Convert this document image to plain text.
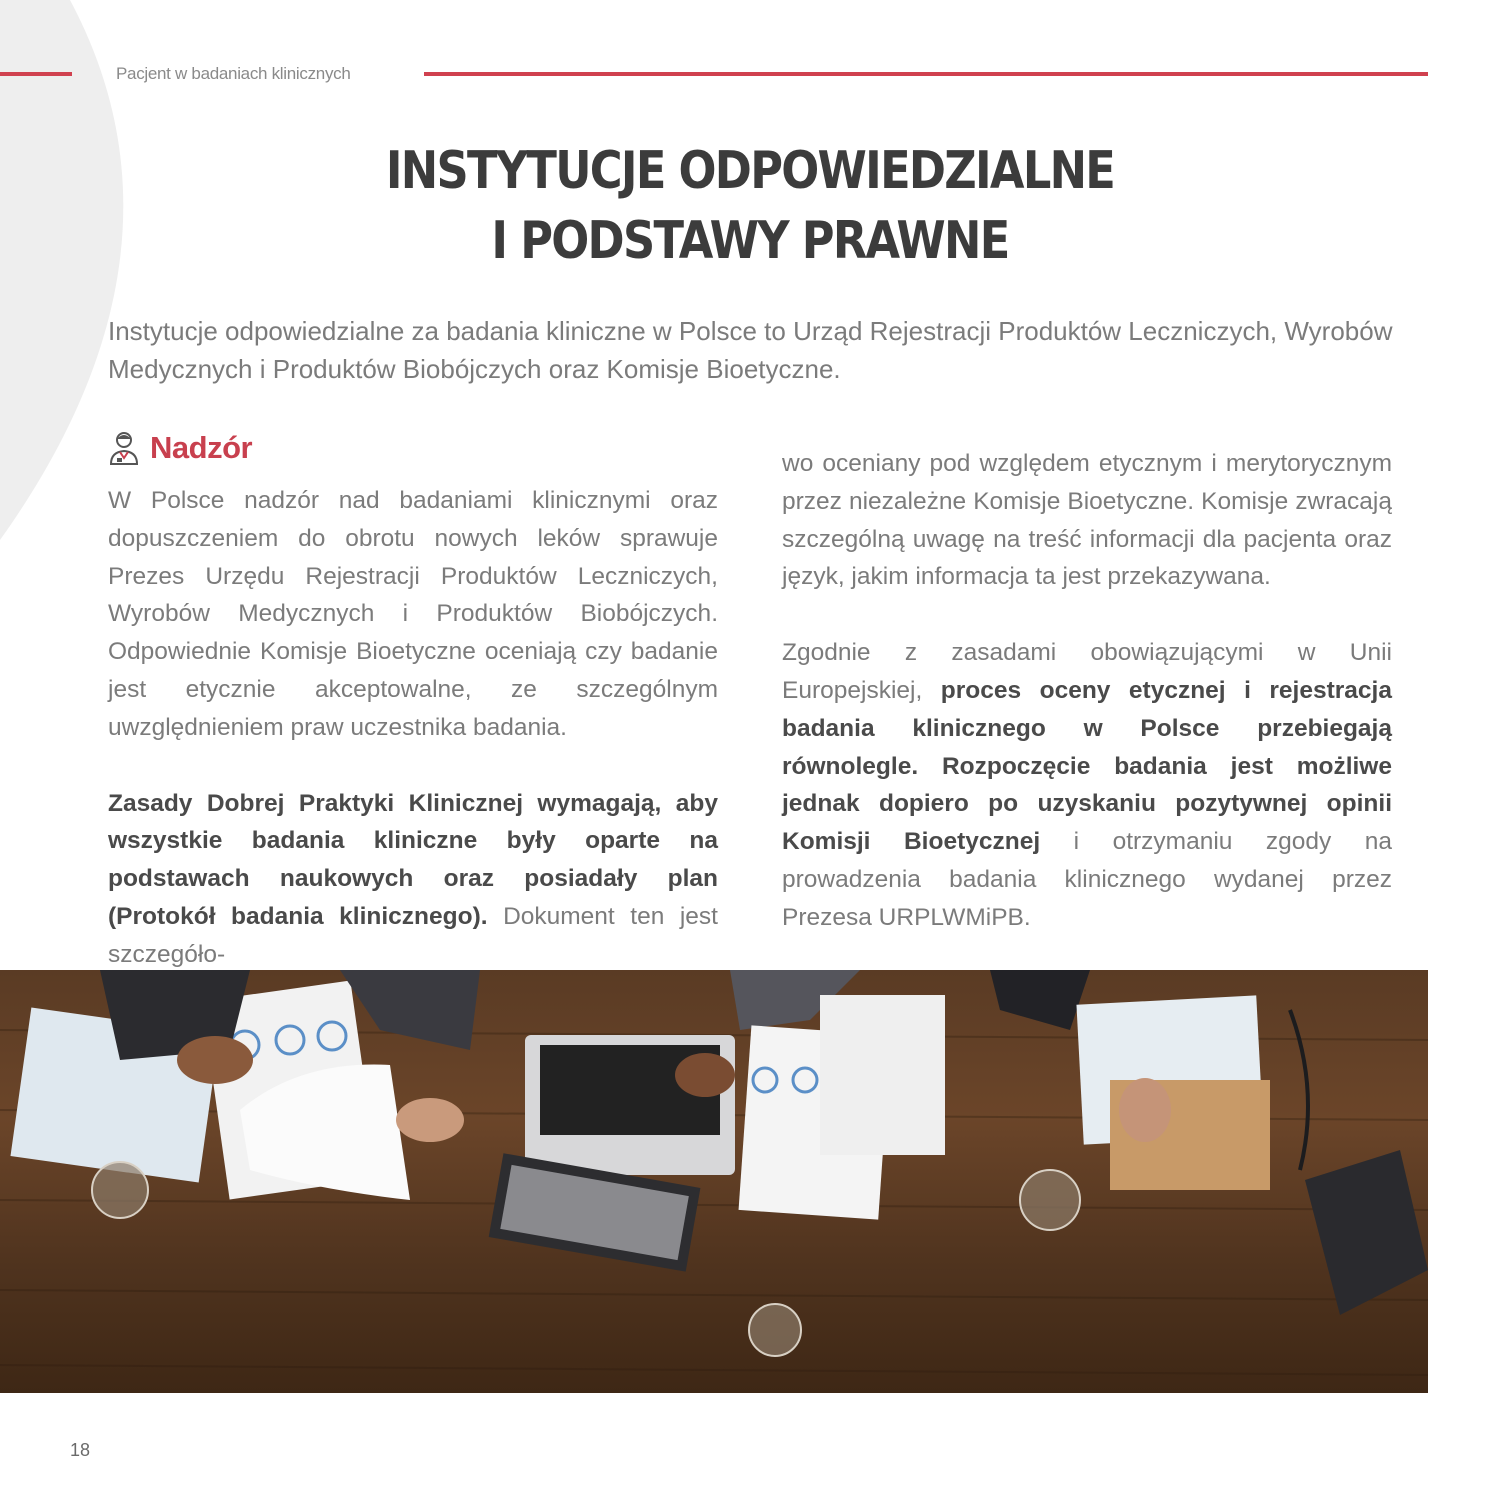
Pacjent w badaniach klinicznych
INSTYTUCJE ODPOWIEDZIALNE
I PODSTAWY PRAWNE

Instytucje odpowiedzialne za badania kliniczne w Polsce to Urząd Rejestracji Produktów Leczniczych, Wyrobów Medycznych i Produktów Biobójczych oraz Komisje Bioetyczne.

Nadzór

W Polsce nadzór nad badaniami klinicznymi oraz dopuszczeniem do obrotu nowych leków sprawuje Prezes Urzędu Rejestracji Produktów Leczniczych, Wyrobów Medycznych i Produktów Biobójczych. Odpowiednie Komisje Bioetyczne oceniają czy badanie jest etycznie akceptowalne, ze szczególnym uwzględnieniem praw uczestnika badania.

Zasady Dobrej Praktyki Klinicznej wymagają, aby wszystkie badania kliniczne były oparte na podstawach naukowych oraz posiadały plan (Protokół badania klinicznego). Dokument ten jest szczegóło-

wo oceniany pod względem etycznym i merytorycznym przez niezależne Komisje Bioetyczne. Komisje zwracają szczególną uwagę na treść informacji dla pacjenta oraz język, jakim informacja ta jest przekazywana.

Zgodnie z zasadami obowiązującymi w Unii Europejskiej, proces oceny etycznej i rejestracja badania klinicznego w Polsce przebiegają równolegle. Rozpoczęcie badania jest możliwe jednak dopiero po uzyskaniu pozytywnej opinii Komisji Bioetycznej i otrzymaniu zgody na prowadzenia badania klinicznego wydanej przez Prezesa URPLWMiPB.

18
